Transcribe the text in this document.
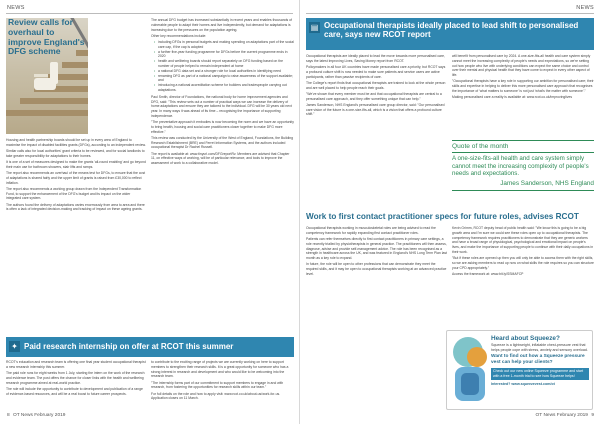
NEWS
Review calls for overhaul to improve England's DFG scheme

Housing and health partnership boards should be set up in every area of England to maximise the impact of disabled facilities grants (DFGs), according to an independent review.

Similar calls also for local authorities' grant criteria to be reviewed, and for social landlords to take greater responsibility for adaptations to their homes.

It is one of a set of measures designed to make the grants 'all-round enabling' and go beyond their main use for bathroom showers, stair lifts and ramps.

The report also recommends an overhaul of the means test for DFGs, to ensure that the cost of adaptations is shared fairly and the upper limit of grants is raised from £30,000 to reflect inflation.

The report also recommends a working group drawn from the Independent Transformation Fund, to support the enhancement of the DFG's budget and its impact on the wider integrated care system.

The authors found the delivery of adaptations varies enormously from area to area and there is often a lack of integrated decision-making and tracking of impact on these ageing grants.

The annual DFG budget has increased substantially in recent years and enables thousands of vulnerable people to adapt their homes and live independently, but demand for adaptations is increasing due to the pressures on the population ageing.

Other key recommendations include:

• including DFGs in personal budgets and making spending on adaptations part of the social care cap, if the cap is adopted
• a further five-year funding programme for DFGs before the current programme ends in 2020
• health and wellbeing boards should report separately on DFG funding based on the number of people helped to remain independent at home
• a national DFG data set and a stronger role for local authorities in identifying need
• renaming DFG as part of a national campaign to raise awareness of the support available; and
• introducing a national accreditation scheme for builders and tradespeople carrying out adaptations.

Paul Smith, director of Foundations, the national body for home improvement agencies and DFG, said: "This review sets out a number of practical ways we can increase the delivery of home adaptations and ensure they are tailored to the individual. DFG will be 30 years old next year. In many ways it was ahead of its time – recognising the importance of supporting independence.

"The preventative approach it embodies is now becoming the norm and we have an opportunity to bring health, housing and social care practitioners closer together to make DFG more effective."

This review was conducted by the University of the West of England, Foundations, the Building Research Establishment (BRE) and Ferret Information Systems, and the authors included occupational therapist Dr Rachel Russell.

The report is available at: www.tinyurl.com/DFGreportRv. Members are advised that Chapter 11, on effective ways of working, will be of particular relevance, and tools to improve the assessment of work to a collaborative model.

✦ Paid research internship on offer at RCOT this summer

RCOT's education and research team is offering one final year student occupational therapist a new research internship this summer.

The paid role runs for eight weeks from 1 July, starting the intern on the work of the research and evidence team. The post offers the chance for closer links with the health and wellbeing research programme aimed at real-world practice.

The role will include the opportunity to contribute to development and publication of a range of evidence-based resources, and will be a real boost to future career prospects.

to contribute to the exciting range of projects we are currently working on here to support members to strengthen their research skills. It is a great opportunity for someone who has a strong interest in research and development and who would like to be welcoming into the research team.

"The internship forms part of our commitment to support members to engage in and with research, from fostering the opportunities for research skills within our team."

For full details on the role and how to apply visit: www.rcot.co.uk/about-us/work-for-us. Application closes on 11 March.

8 OT News February 2019
NEWS
▤ Occupational therapists ideally placed to lead shift to personalised care, says new RCOT report

Occupational therapists are ideally placed to lead the move towards more personalised care, says the latest Improving Lives, Saving Money report from RCOT.

Policymakers in all four UK countries have made personalised care a priority, but RCOT says a profound culture shift is now needed to make sure patients and service users are active participants, rather than passive recipients of care.

The College's report finds that occupational therapists are trained to look at the whole person and are well placed to help people reach their goals.

"We've shown that every member must be and that occupational therapists are central to a personalised care approach, and they offer something unique that can help."

James Sanderson, NHS England's personalised care group director, said: "Our personalised care vision of the future is a one-size-fits-all, which is a vision that offers a profound culture shift."

will benefit from personalised care by 2024. A one-size-fits-all health and care system simply cannot meet the increasing complexity of people's needs and expectations, so we're setting out how people who live with underlying conditions can expect the same choice and control over their mental and physical health that they have come to expect in every other aspect of life.

"Occupational therapists have a key role in supporting our ambition for personalised care; their skills and expertise in helping to deliver this more personalised care approach that recognises the importance of 'what matters to someone' is not just 'what's the matter with someone'."

Making personalised care a reality is available at: www.rcot.co.uk/improvinglives

Quote of the month
A one-size-fits-all health and care system simply cannot meet the increasing complexity of people's needs and expectations.
James Sanderson, NHS England
Work to first contact practitioner specs for future roles, advises RCOT

Occupational therapists working in musculoskeletal roles are being advised to read the competency framework for rapidly expanding first contact practitioner roles.

Patients can refer themselves directly to first contact practitioners in primary care settings, a role recently trialled by physiotherapists in general practice. The practitioners will then assess, diagnose, advise and provide self-management advice. The role has been recognised as a strength in healthcare across the UK, and was featured in England's NHS Long Term Plan last month as a key role to expand.

In future, the role will be open to other professions that can demonstrate they meet the required skills, and it may be open to occupational therapists working at an advanced practice level.

Kevin Grimm, RCOT deputy head of public health said: "We know this is going to be a big growth area and I'm sure we could see these roles open up to occupational therapists. The competency framework requires practitioners to demonstrate that they are generic workers and have a broad range of physiological, psychological and emotional impact on people's lives, and make the importance of supporting people to continue with their daily occupations in their work.

"But if these roles are opened up then you will only be able to access them with the right skills, so we are asking members to read up now on what skills the role requires so you can structure your CPD appropriately."

Access the framework at: www.bit.ly/SSMAFCP

OT News February 2019 9
Heard about Squeeze?
Squeeze is a lightweight, inflatable chest-pressure vest that helps people cope with stress, anxiety and sensory overload.
Want to find out how a Squeeze pressure vest can help your clients?
Check out our new online Squeeze programme and start with a free 1-month trial to see how Squeeze helps!
Interested? www.squeezevest.com/ot
